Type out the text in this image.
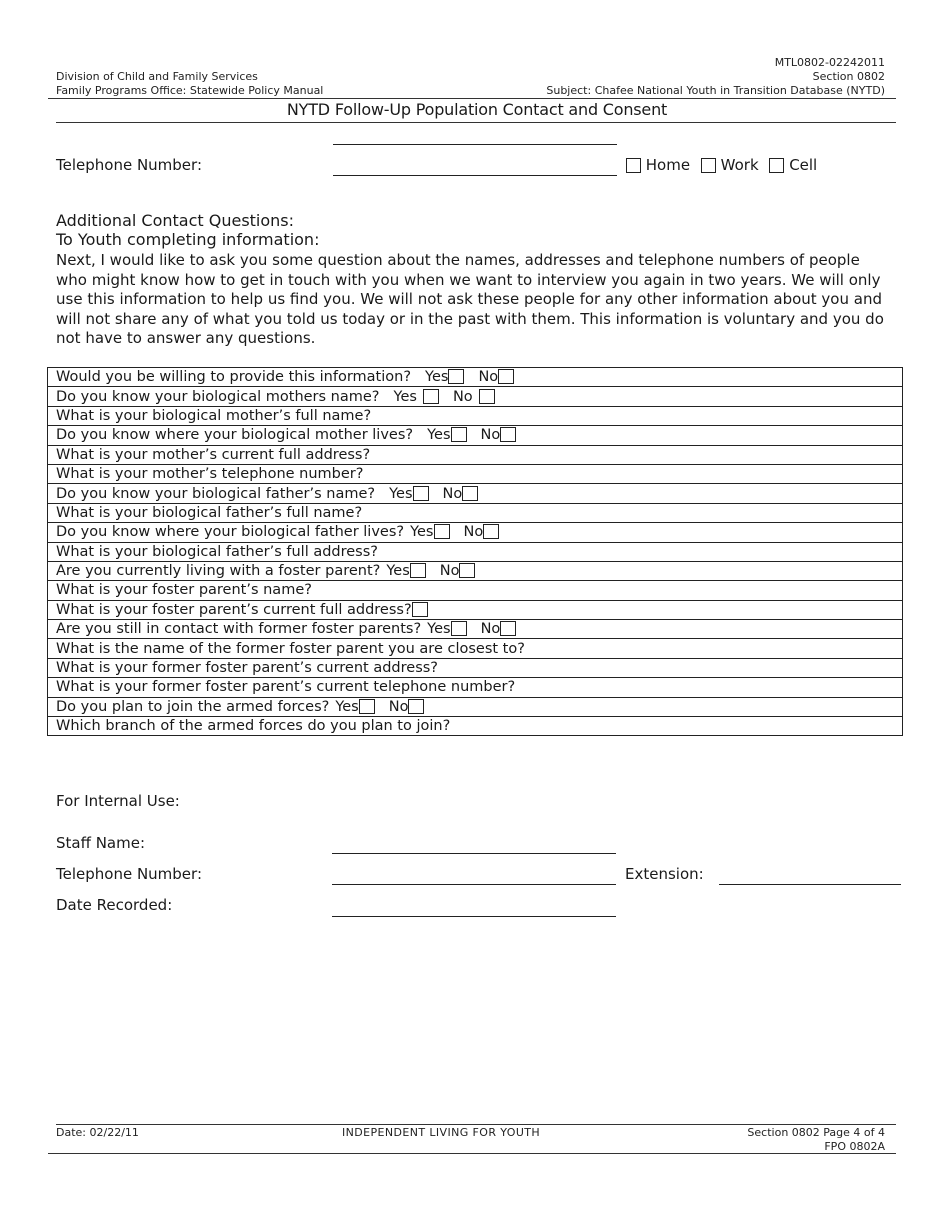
MTL0802-02242011
Section 0802
Division of Child and Family Services
Family Programs Office: Statewide Policy Manual	Subject: Chafee National Youth in Transition Database (NYTD)
NYTD Follow-Up Population Contact and Consent
Telephone Number:	Home Work Cell
Additional Contact Questions:
To Youth completing information:
Next, I would like to ask you some question about the names, addresses and telephone numbers of people
who might know how to get in touch with you when we want to interview you again in two years. We will only
use this information to help us find you. We will not ask these people for any other information about you and
will not share any of what you told us today or in the past with them. This information is voluntary and you do
not have to answer any questions.
Would you be willing to provide this information? Yes No
Do you know your biological mothers name? Yes No
What is your biological mother’s full name?
Do you know where your biological mother lives? Yes No
What is your mother’s current full address?
What is your mother’s telephone number?
Do you know your biological father’s name? Yes No
What is your biological father’s full name?
Do you know where your biological father lives? Yes No
What is your biological father’s full address?
Are you currently living with a foster parent? Yes No
What is your foster parent’s name?
What is your foster parent’s current full address?
Are you still in contact with former foster parents? Yes No
What is the name of the former foster parent you are closest to?
What is your former foster parent’s current address?
What is your former foster parent’s current telephone number?
Do you plan to join the armed forces? Yes No
Which branch of the armed forces do you plan to join?
For Internal Use:
Staff Name:
Telephone Number:	Extension:
Date Recorded:
Date: 02/22/11	INDEPENDENT LIVING FOR YOUTH	Section 0802 Page 4 of 4
FPO 0802A
